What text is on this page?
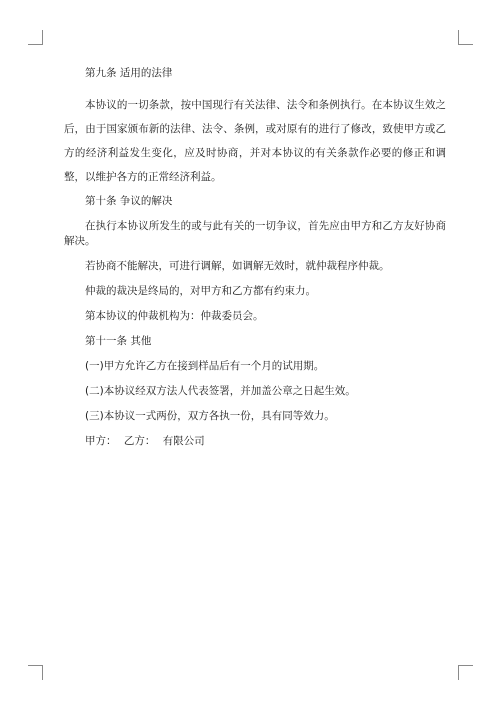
第九条 适用的法律

本协议的一切条款，按中国现行有关法律、法令和条例执行。在本协议生效之后，由于国家颁布新的法律、法令、条例，或对原有的进行了修改，致使甲方或乙方的经济利益发生变化，应及时协商，并对本协议的有关条款作必要的修正和调整，以维护各方的正常经济利益。

第十条 争议的解决

在执行本协议所发生的或与此有关的一切争议，首先应由甲方和乙方友好协商解决。

若协商不能解决，可进行调解，如调解无效时，就仲裁程序仲裁。

仲裁的裁决是终局的，对甲方和乙方都有约束力。

第本协议的仲裁机构为：仲裁委员会。

第十一条 其他

(一)甲方允许乙方在接到样品后有一个月的试用期。

(二)本协议经双方法人代表签署，并加盖公章之日起生效。

(三)本协议一式两份，双方各执一份，具有同等效力。

甲方： 乙方： 有限公司
